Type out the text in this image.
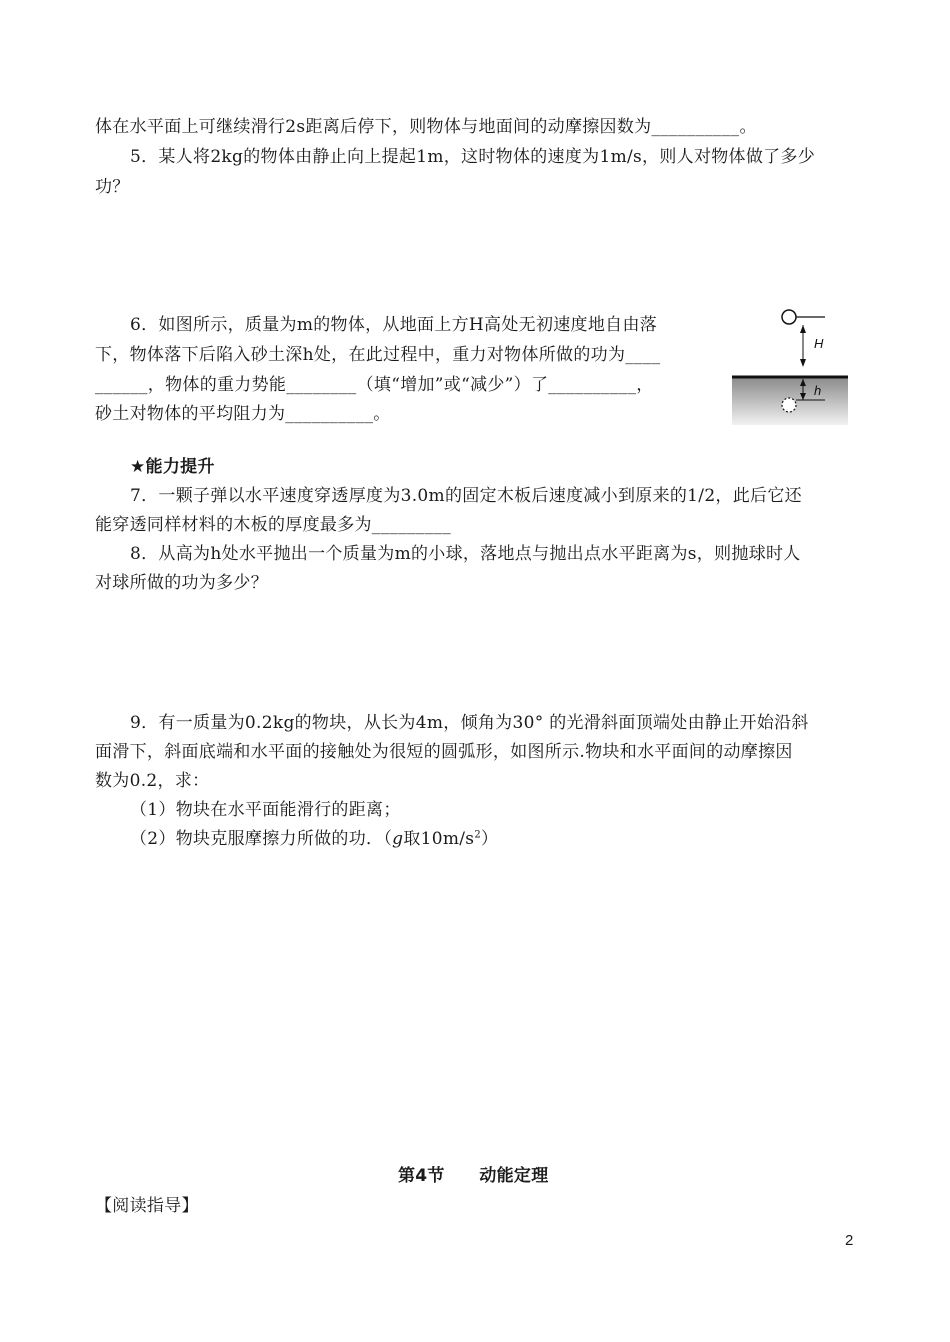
体在水平面上可继续滑行2s距离后停下，则物体与地面间的动摩擦因数为__________。
5．某人将2kg的物体由静止向上提起1m，这时物体的速度为1m/s，则人对物体做了多少
功？
6．如图所示，质量为m的物体，从地面上方H高处无初速度地自由落
下，物体落下后陷入砂土深h处，在此过程中，重力对物体所做的功为____
______，物体的重力势能________（填“增加”或“减少”）了__________，
砂土对物体的平均阻力为__________。
H
h
★能力提升
7．一颗子弹以水平速度穿透厚度为3.0m的固定木板后速度减小到原来的1/2，此后它还
能穿透同样材料的木板的厚度最多为_________
8．从高为h处水平抛出一个质量为m的小球，落地点与抛出点水平距离为s，则抛球时人
对球所做的功为多少？
9．有一质量为0.2kg的物块，从长为4m，倾角为30° 的光滑斜面顶端处由静止开始沿斜
面滑下，斜面底端和水平面的接触处为很短的圆弧形，如图所示.物块和水平面间的动摩擦因
数为0.2，求：
（1）物块在水平面能滑行的距离；
（2）物块克服摩擦力所做的功．（g取$10m/s^2$）
第4节　　动能定理
【阅读指导】
2
